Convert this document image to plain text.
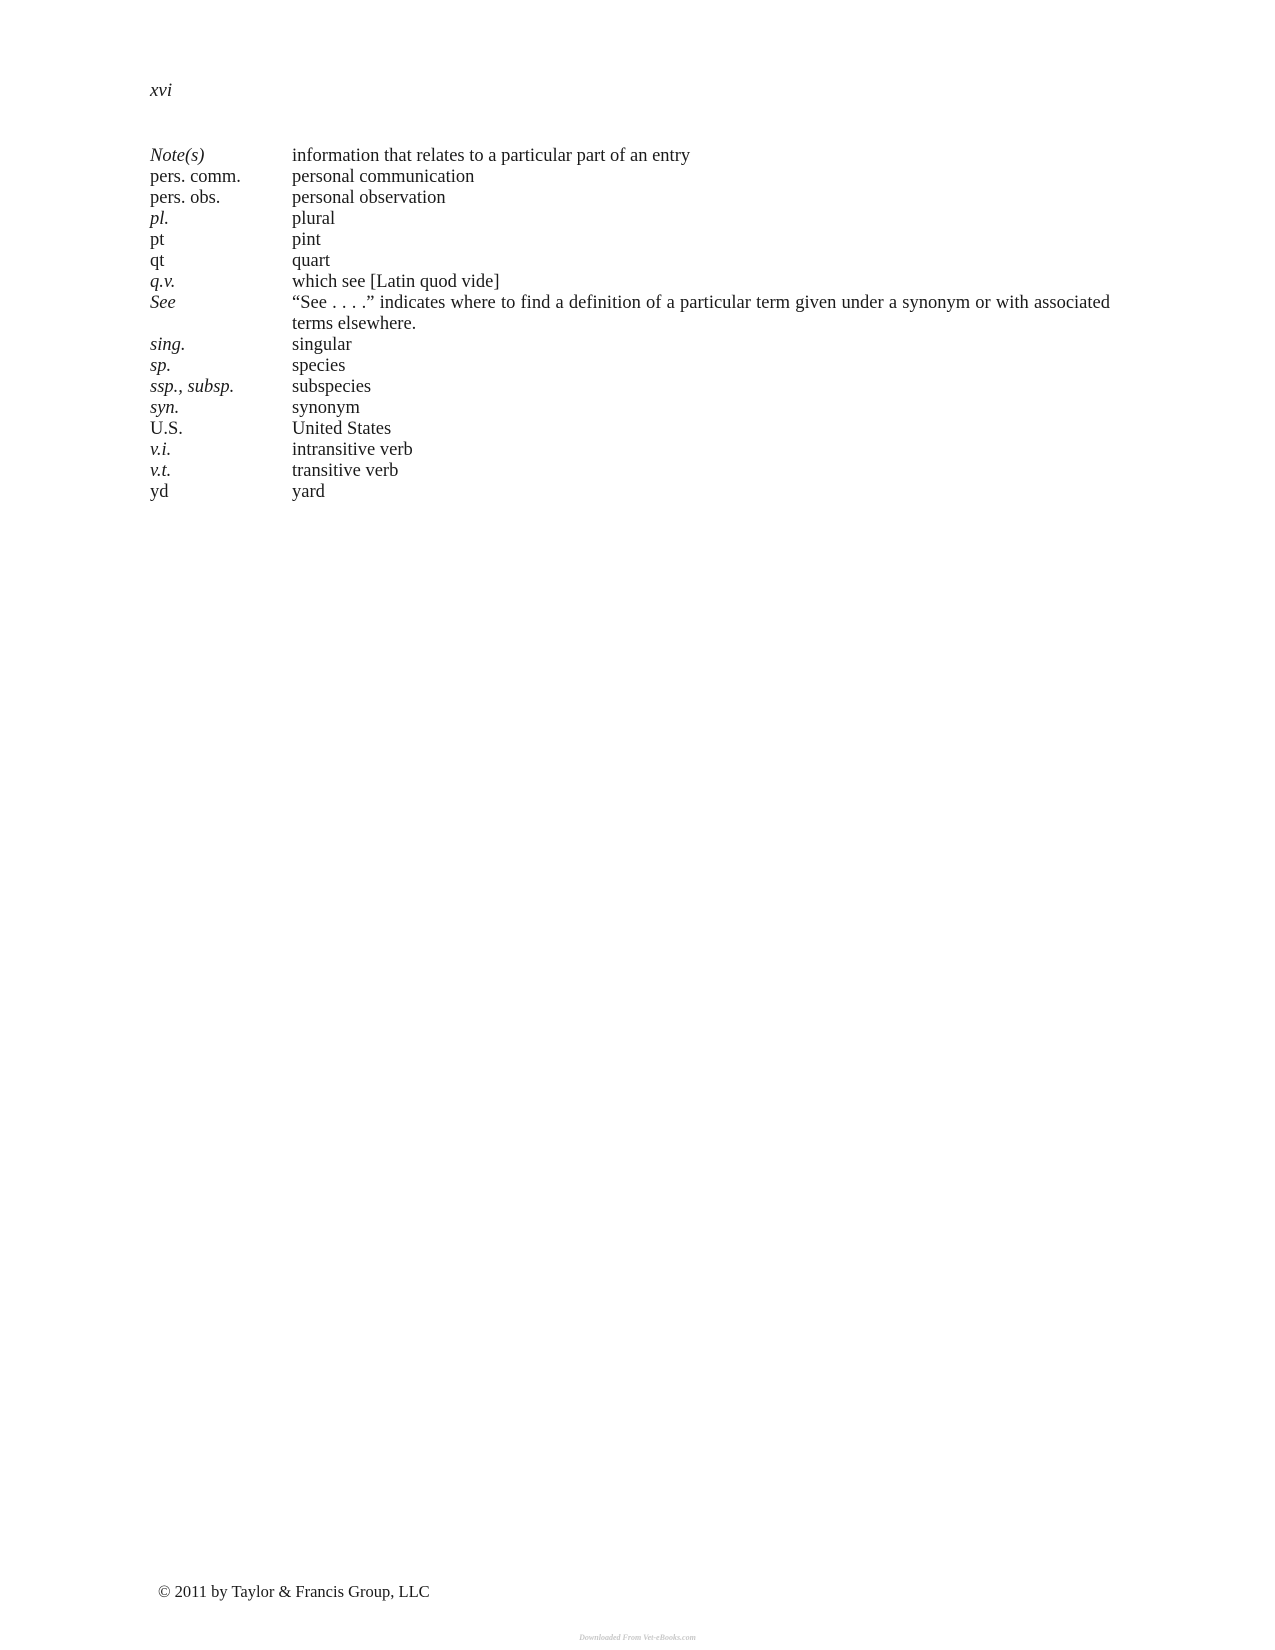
xvi

Note(s)	information that relates to a particular part of an entry
pers. comm.	personal communication
pers. obs.	personal observation
pl.	plural
pt	pint
qt	quart
q.v.	which see [Latin quod vide]
See	“See . . . .” indicates where to find a definition of a particular term given under a synonym or with associated terms elsewhere.
sing.	singular
sp.	species
ssp., subsp.	subspecies
syn.	synonym
U.S.	United States
v.i.	intransitive verb
v.t.	transitive verb
yd	yard

© 2011 by Taylor & Francis Group, LLC

Downloaded From Vet-eBooks.com
